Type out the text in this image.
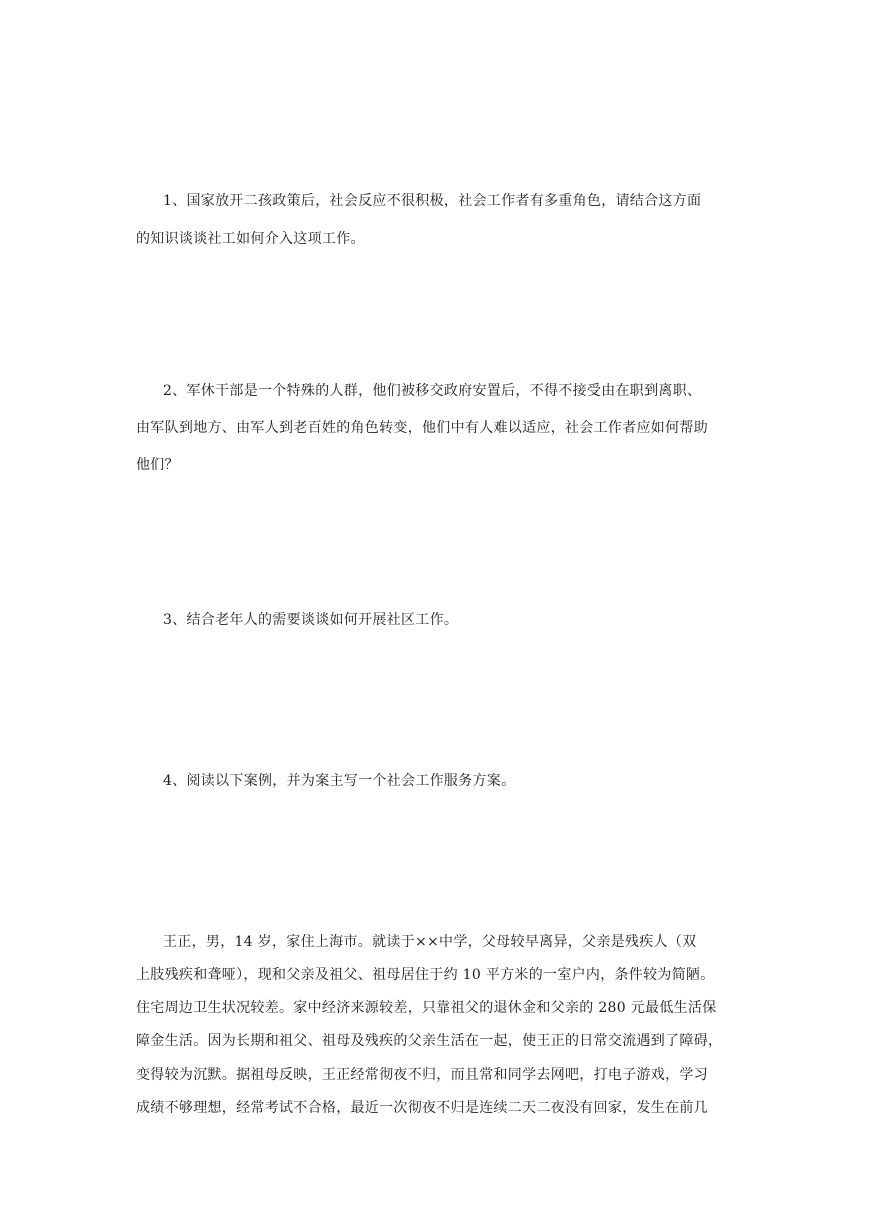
1、国家放开二孩政策后，社会反应不很积极，社会工作者有多重角色，请结合这方面
的知识谈谈社工如何介入这项工作。
2、军休干部是一个特殊的人群，他们被移交政府安置后，不得不接受由在职到离职、
由军队到地方、由军人到老百姓的角色转变，他们中有人难以适应，社会工作者应如何帮助
他们？
3、结合老年人的需要谈谈如何开展社区工作。
4、阅读以下案例，并为案主写一个社会工作服务方案。
王正，男，14 岁，家住上海市。就读于××中学，父母较早离异，父亲是残疾人（双
上肢残疾和聋哑），现和父亲及祖父、祖母居住于约 10 平方米的一室户内，条件较为简陋。
住宅周边卫生状况较差。家中经济来源较差，只靠祖父的退休金和父亲的 280 元最低生活保
障金生活。因为长期和祖父、祖母及残疾的父亲生活在一起，使王正的日常交流遇到了障碍，
变得较为沉默。据祖母反映，王正经常彻夜不归，而且常和同学去网吧，打电子游戏，学习
成绩不够理想，经常考试不合格，最近一次彻夜不归是连续二天二夜没有回家，发生在前几
